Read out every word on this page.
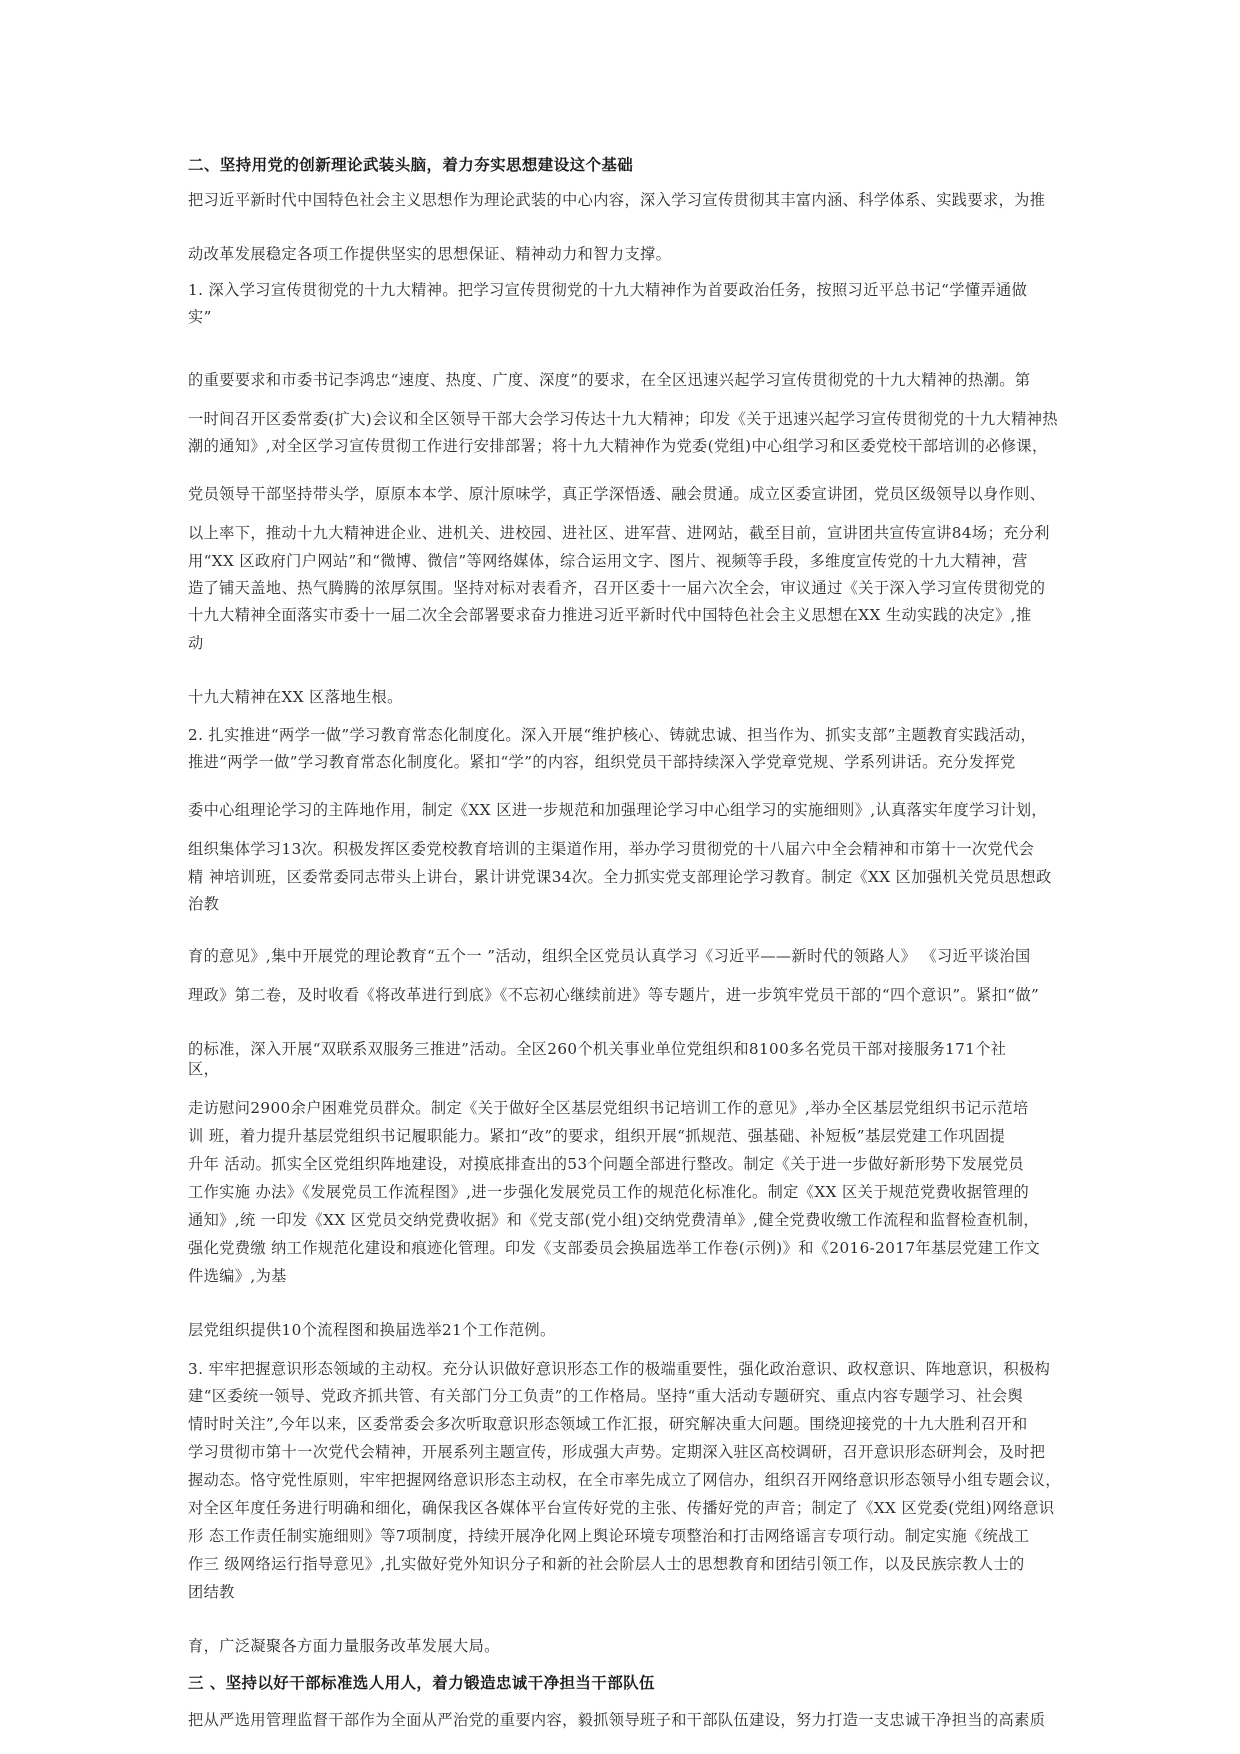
二、坚持用党的创新理论武装头脑，着力夯实思想建设这个基础

把习近平新时代中国特色社会主义思想作为理论武装的中心内容，深入学习宣传贯彻其丰富内涵、科学体系、实践要求，为推

动改革发展稳定各项工作提供坚实的思想保证、精神动力和智力支撑。

1. 深入学习宣传贯彻党的十九大精神。把学习宣传贯彻党的十九大精神作为首要政治任务，按照习近平总书记“学懂弄通做

实”

的重要要求和市委书记李鸿忠“速度、热度、广度、深度”的要求，在全区迅速兴起学习宣传贯彻党的十九大精神的热潮。第

一时间召开区委常委(扩大)会议和全区领导干部大会学习传达十九大精神；印发《关于迅速兴起学习宣传贯彻党的十九大精神热

潮的通知》,对全区学习宣传贯彻工作进行安排部署；将十九大精神作为党委(党组)中心组学习和区委党校干部培训的必修课，

党员领导干部坚持带头学，原原本本学、原汁原味学，真正学深悟透、融会贯通。成立区委宣讲团，党员区级领导以身作则、

以上率下，推动十九大精神进企业、进机关、进校园、进社区、进军营、进网站，截至目前，宣讲团共宣传宣讲84场；充分利

用“XX 区政府门户网站”和“微博、微信”等网络媒体，综合运用文字、图片、视频等手段，多维度宣传党的十九大精神，营

造了铺天盖地、热气腾腾的浓厚氛围。坚持对标对表看齐，召开区委十一届六次全会，审议通过《关于深入学习宣传贯彻党的

十九大精神全面落实市委十一届二次全会部署要求奋力推进习近平新时代中国特色社会主义思想在XX 生动实践的决定》,推

动

十九大精神在XX 区落地生根。

2. 扎实推进“两学一做”学习教育常态化制度化。深入开展“维护核心、铸就忠诚、担当作为、抓实支部”主题教育实践活动，

推进“两学一做”学习教育常态化制度化。紧扣“学”的内容，组织党员干部持续深入学党章党规、学系列讲话。充分发挥党

委中心组理论学习的主阵地作用，制定《XX 区进一步规范和加强理论学习中心组学习的实施细则》,认真落实年度学习计划，

组织集体学习13次。积极发挥区委党校教育培训的主渠道作用，举办学习贯彻党的十八届六中全会精神和市第十一次党代会

精 神培训班，区委常委同志带头上讲台，累计讲党课34次。全力抓实党支部理论学习教育。制定《XX 区加强机关党员思想政

治教

育的意见》,集中开展党的理论教育“五个一 ”活动，组织全区党员认真学习《习近平——新时代的领路人》 《习近平谈治国

理政》第二卷，及时收看《将改革进行到底》《不忘初心继续前进》等专题片，进一步筑牢党员干部的“四个意识”。紧扣“做”

的标准，深入开展“双联系双服务三推进”活动。全区260个机关事业单位党组织和8100多名党员干部对接服务171个社

区，

走访慰问2900余户困难党员群众。制定《关于做好全区基层党组织书记培训工作的意见》,举办全区基层党组织书记示范培

训 班，着力提升基层党组织书记履职能力。紧扣“改”的要求，组织开展“抓规范、强基础、补短板”基层党建工作巩固提

升年 活动。抓实全区党组织阵地建设，对摸底排查出的53个问题全部进行整改。制定《关于进一步做好新形势下发展党员

工作实施 办法》《发展党员工作流程图》,进一步强化发展党员工作的规范化标准化。制定《XX 区关于规范党费收据管理的

通知》,统 一印发《XX 区党员交纳党费收据》和《党支部(党小组)交纳党费清单》,健全党费收缴工作流程和监督检查机制，

强化党费缴 纳工作规范化建设和痕迹化管理。印发《支部委员会换届选举工作卷(示例)》和《2016-2017年基层党建工作文

件选编》,为基

层党组织提供10个流程图和换届选举21个工作范例。

3. 牢牢把握意识形态领域的主动权。充分认识做好意识形态工作的极端重要性，强化政治意识、政权意识、阵地意识，积极构

建“区委统一领导、党政齐抓共管、有关部门分工负责”的工作格局。坚持“重大活动专题研究、重点内容专题学习、社会舆

情时时关注”,今年以来，区委常委会多次听取意识形态领域工作汇报，研究解决重大问题。围绕迎接党的十九大胜利召开和

学习贯彻市第十一次党代会精神，开展系列主题宣传，形成强大声势。定期深入驻区高校调研，召开意识形态研判会，及时把

握动态。恪守党性原则，牢牢把握网络意识形态主动权，在全市率先成立了网信办，组织召开网络意识形态领导小组专题会议，

对全区年度任务进行明确和细化，确保我区各媒体平台宣传好党的主张、传播好党的声音；制定了《XX 区党委(党组)网络意识

形 态工作责任制实施细则》等7项制度，持续开展净化网上舆论环境专项整治和打击网络谣言专项行动。制定实施《统战工

作三 级网络运行指导意见》,扎实做好党外知识分子和新的社会阶层人士的思想教育和团结引领工作，以及民族宗教人士的

团结教

育，广泛凝聚各方面力量服务改革发展大局。

三 、坚持以好干部标准选人用人，着力锻造忠诚干净担当干部队伍

把从严选用管理监督干部作为全面从严治党的重要内容，毅抓领导班子和干部队伍建设，努力打造一支忠诚干净担当的高素质
